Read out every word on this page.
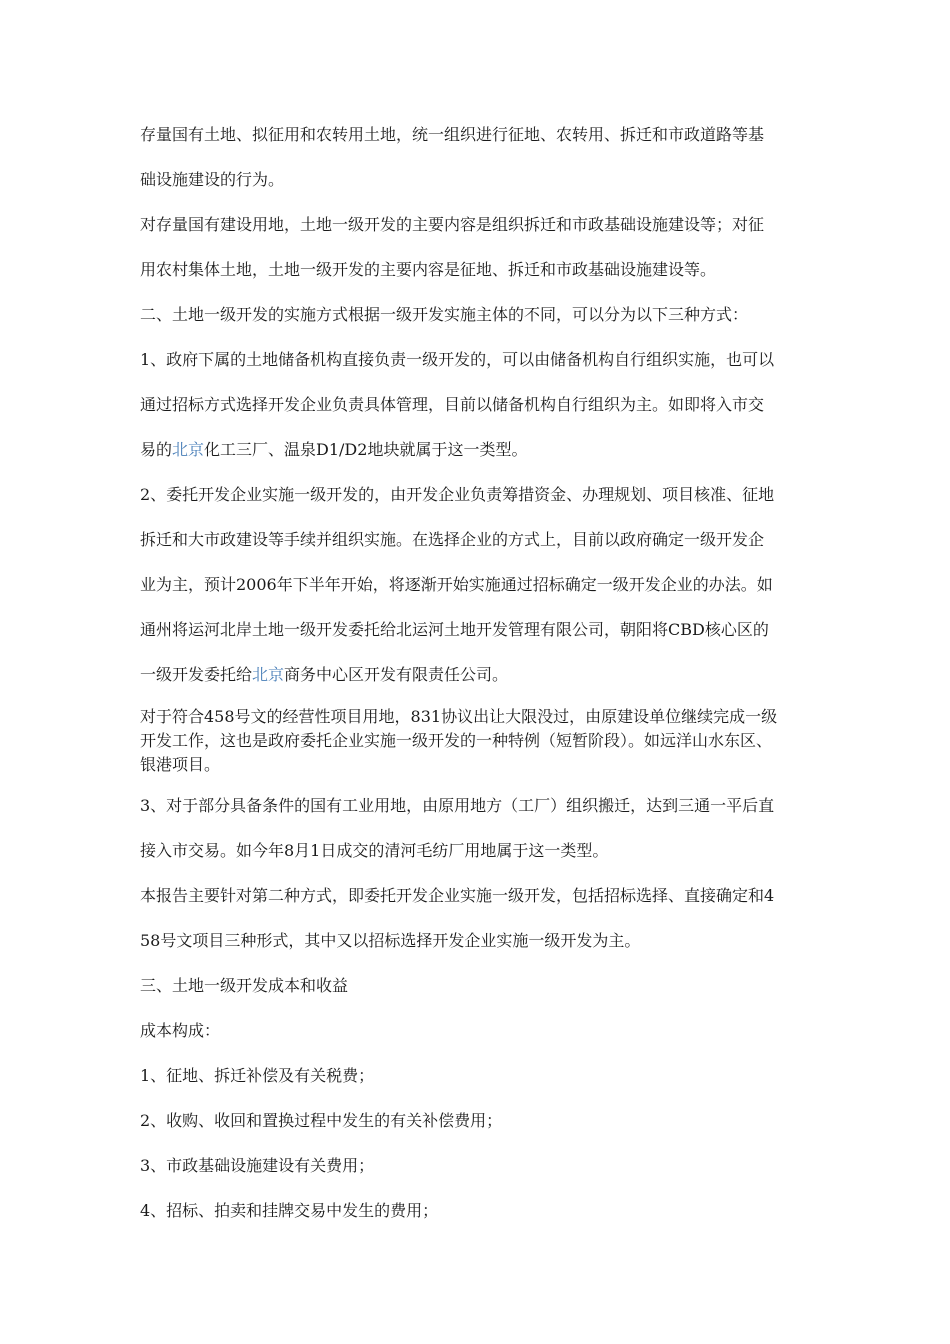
存量国有土地、拟征用和农转用土地，统一组织进行征地、农转用、拆迁和市政道路等基
础设施建设的行为。
对存量国有建设用地，土地一级开发的主要内容是组织拆迁和市政基础设施建设等；对征
用农村集体土地，土地一级开发的主要内容是征地、拆迁和市政基础设施建设等。
二、土地一级开发的实施方式根据一级开发实施主体的不同，可以分为以下三种方式：
1、政府下属的土地储备机构直接负责一级开发的，可以由储备机构自行组织实施，也可以
通过招标方式选择开发企业负责具体管理，目前以储备机构自行组织为主。如即将入市交
易的北京化工三厂、温泉D1/D2地块就属于这一类型。
2、委托开发企业实施一级开发的，由开发企业负责筹措资金、办理规划、项目核准、征地
拆迁和大市政建设等手续并组织实施。在选择企业的方式上，目前以政府确定一级开发企
业为主，预计2006年下半年开始，将逐渐开始实施通过招标确定一级开发企业的办法。如
通州将运河北岸土地一级开发委托给北运河土地开发管理有限公司，朝阳将CBD核心区的
一级开发委托给北京商务中心区开发有限责任公司。
对于符合458号文的经营性项目用地，831协议出让大限没过，由原建设单位继续完成一级
开发工作，这也是政府委托企业实施一级开发的一种特例（短暂阶段）。如远洋山水东区、
银港项目。
3、对于部分具备条件的国有工业用地，由原用地方（工厂）组织搬迁，达到三通一平后直
接入市交易。如今年8月1日成交的清河毛纺厂用地属于这一类型。
本报告主要针对第二种方式，即委托开发企业实施一级开发，包括招标选择、直接确定和4
58号文项目三种形式，其中又以招标选择开发企业实施一级开发为主。
三、土地一级开发成本和收益
成本构成：
1、征地、拆迁补偿及有关税费；
2、收购、收回和置换过程中发生的有关补偿费用；
3、市政基础设施建设有关费用；
4、招标、拍卖和挂牌交易中发生的费用；
